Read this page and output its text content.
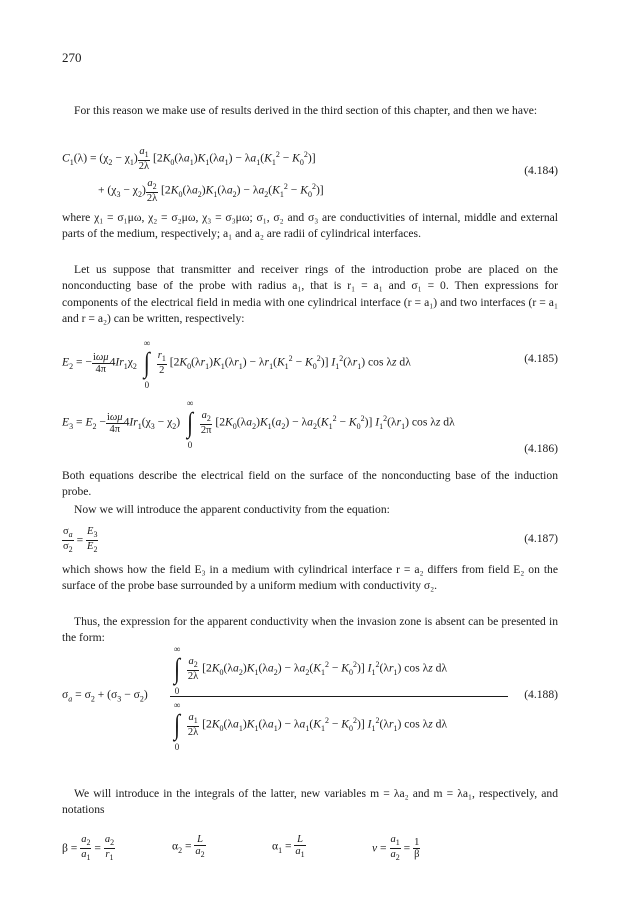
270

For this reason we make use of results derived in the third section of this chapter, and then we have:

$C_1(\lambda) = (\chi_2 - \chi_1) \frac{a_1}{2\lambda} [2K_0(\lambda a_1)K_1(\lambda a_1) - \lambda a_1(K_1^2 - K_0^2)]$
+ $(\chi_3 - \chi_2) \frac{a_2}{2\lambda} [2K_0(\lambda a_2)K_1(\lambda a_2) - \lambda a_2(K_1^2 - K_0^2)]$
(4.184)

where χ₁ = σ₁μω, χ₂ = σ₂μω, χ₃ = σ₃μω; σ₁, σ₂ and σ₃ are conductivities of internal, middle and external parts of the medium, respectively; a₁ and a₂ are radii of cylindrical interfaces.

Let us suppose that transmitter and receiver rings of the introduction probe are placed on the nonconducting base of the probe with radius a₁, that is r₁ = a₁ and σ₁ = 0. Then expressions for components of the electrical field in media with one cylindrical interface (r = a₁) and two interfaces (r = a₁ and r = a₂) can be written, respectively:

$E_2$ = − $\frac{\text{iωμ}}{4\pi} 4Ir_1\chi_2$
∞
∫
0

$\frac{r_1}{2} [2K_0(\lambda r_1)K_1(\lambda r_1) - \lambda r_1(K_1^2 - K_0^2)]$ $I_1^2(\lambda r_1)$ cos λz dλ	(4.185)
$E_3 = E_2 - \frac{\text{iωμ}}{4\pi} 4Ir_1(\chi_3 - \chi_2)$
∞
∫
0

$\frac{a_2}{2\pi} [2K_0(\lambda a_2)K_1(a_2) - \lambda a_2(K_1^2 - K_0^2)]$ $I_1^2(\lambda r_1)$ cos λz dλ
(4.186)

Both equations describe the electrical field on the surface of the nonconducting base of the induction probe.

Now we will introduce the apparent conductivity from the equation:

$\frac{\sigma_a}{\sigma_2} = \frac{E_3}{E_2}$	(4.187)

which shows how the field E₃ in a medium with cylindrical interface r = a₂ differs from field E₂ on the surface of the probe base surrounded by a uniform medium with conductivity σ₂.

Thus, the expression for the apparent conductivity when the invasion zone is absent can be presented in the form:

$\sigma_a = \sigma_2 + (\sigma_3 - \sigma_2)$
∞
∫
0

$\frac{a_2}{2\lambda} [2K_0(\lambda a_2)K_1(\lambda a_2) - \lambda a_2(K_1^2 - K_0^2)]$ $I_1^2(\lambda r_1)$ cos λz dλ
∞
∫
0

$\frac{a_1}{2\lambda} [2K_0(\lambda a_1)K_1(\lambda a_1) - \lambda a_1(K_1^2 - K_0^2)]$ $I_1^2(\lambda r_1)$ cos λz dλ
(4.188)

We will introduce in the integrals of the latter, new variables m = λa₂ and m = λa₁, respectively, and notations

$\beta = \frac{a_2}{a_1} = \frac{a_2}{r_1}$	$\alpha_2 = \frac{L}{a_2}$	$\alpha_1 = \frac{L}{a_1}$	$v = \frac{a_1}{a_2} = \frac{1}{\beta}$
